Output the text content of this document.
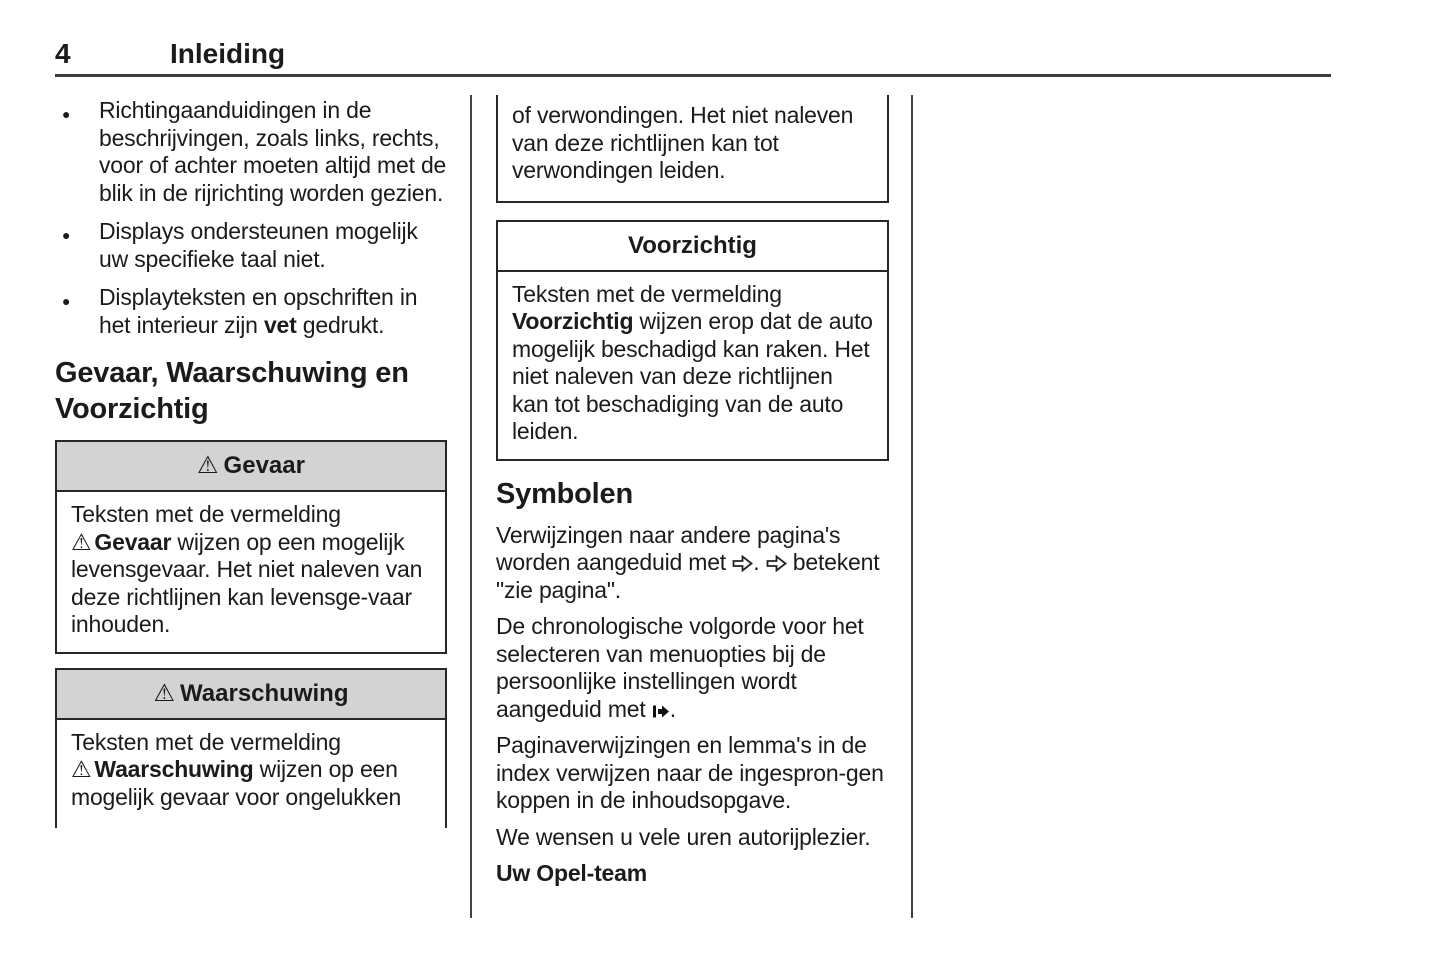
4	Inleiding
● Richtingaanduidingen in de beschrijvingen, zoals links, rechts, voor of achter moeten altijd met de blik in de rijrichting worden gezien.
● Displays ondersteunen mogelijk uw specifieke taal niet.
● Displayteksten en opschriften in het interieur zijn vet gedrukt.
Gevaar, Waarschuwing en Voorzichtig
⚠ Gevaar
Teksten met de vermelding ⚠ Gevaar wijzen op een mogelijk levensgevaar. Het niet naleven van deze richtlijnen kan levensge-vaar inhouden.
⚠ Waarschuwing
Teksten met de vermelding ⚠ Waarschuwing wijzen op een mogelijk gevaar voor ongelukken
of verwondingen. Het niet naleven van deze richtlijnen kan tot verwondingen leiden.
Voorzichtig
Teksten met de vermelding Voorzichtig wijzen erop dat de auto mogelijk beschadigd kan raken. Het niet naleven van deze richtlijnen kan tot beschadiging van de auto leiden.
Symbolen

Verwijzingen naar andere pagina's worden aangeduid met
.
betekent "zie pagina".

De chronologische volgorde voor het selecteren van menuopties bij de persoonlijke instellingen wordt aangeduid met
.

Paginaverwijzingen en lemma's in de index verwijzen naar de ingespron-gen koppen in de inhoudsopgave.

We wensen u vele uren autorijplezier.

Uw Opel-team
